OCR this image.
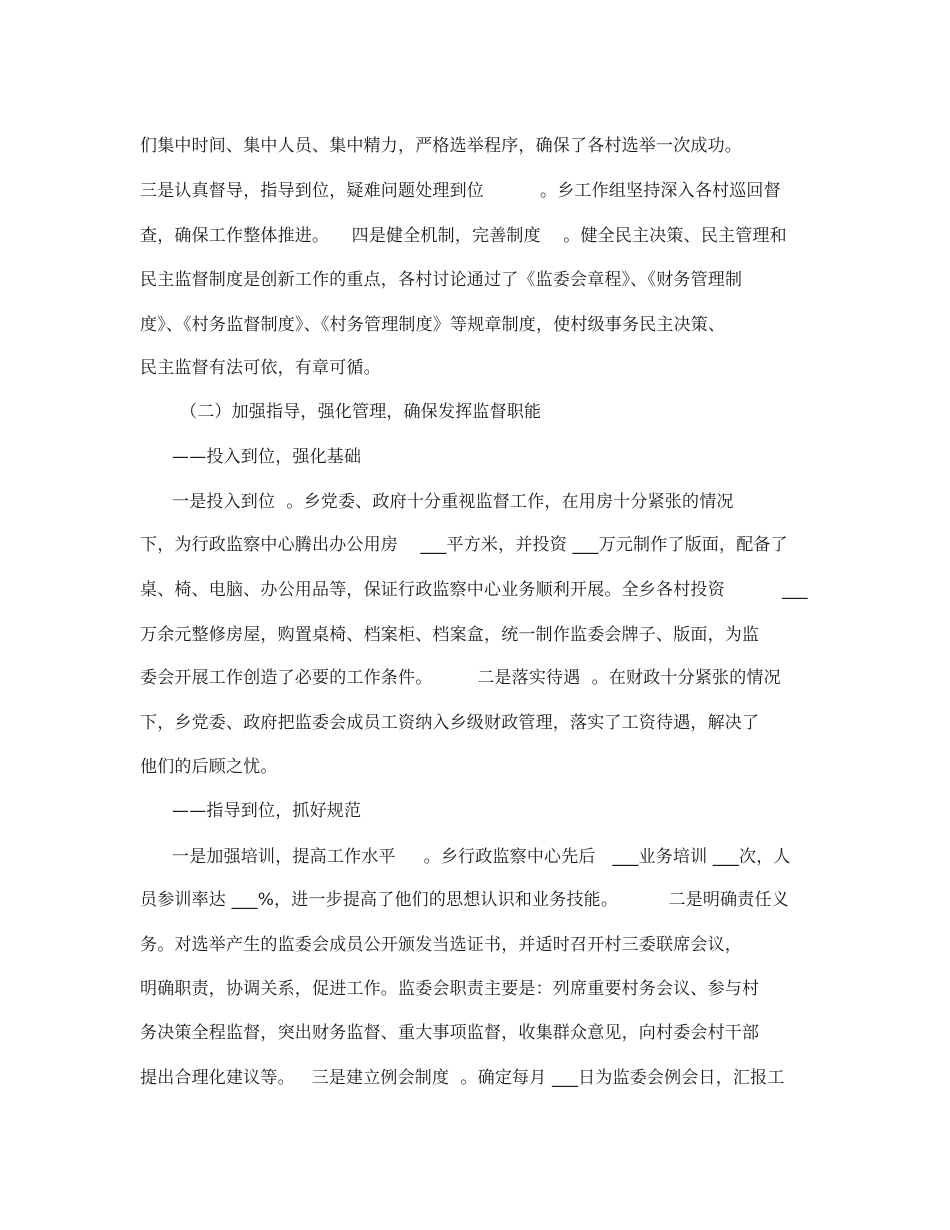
们集中时间、集中人员、集中精力，严格选举程序，确保了各村选举一次成功。
三是认真督导，指导到位，疑难问题处理到位          。乡工作组坚持深入各村巡回督
查，确保工作整体推进。    四是健全机制，完善制度    。健全民主决策、民主管理和
民主监督制度是创新工作的重点，各村讨论通过了《监委会章程》、《财务管理制
度》、《村务监督制度》、《村务管理制度》等规章制度，使村级事务民主决策、
民主监督有法可依，有章可循。
（二）加强指导，强化管理，确保发挥监督职能
——投入到位，强化基础
一是投入到位  。乡党委、政府十分重视监督工作，在用房十分紧张的情况
下，为行政监察中心腾出办公用房    ___平方米，并投资 ___万元制作了版面，配备了
桌、椅、电脑、办公用品等，保证行政监察中心业务顺利开展。全乡各村投资	___
万余元整修房屋，购置桌椅、档案柜、档案盒，统一制作监委会牌子、版面，为监
委会开展工作创造了必要的工作条件。        二是落实待遇  。在财政十分紧张的情况
下，乡党委、政府把监委会成员工资纳入乡级财政管理，落实了工资待遇，解决了
他们的后顾之忧。
——指导到位，抓好规范
一是加强培训，提高工作水平     。乡行政监察中心先后   ___业务培训 ___次，人
员参训率达 ___%，进一步提高了他们的思想认识和业务技能。         二是明确责任义
务。对选举产生的监委会成员公开颁发当选证书，并适时召开村三委联席会议，
明确职责，协调关系，促进工作。监委会职责主要是：列席重要村务会议、参与村
务决策全程监督，突出财务监督、重大事项监督，收集群众意见，向村委会村干部
提出合理化建议等。   三是建立例会制度  。确定每月 ___日为监委会例会日，汇报工
